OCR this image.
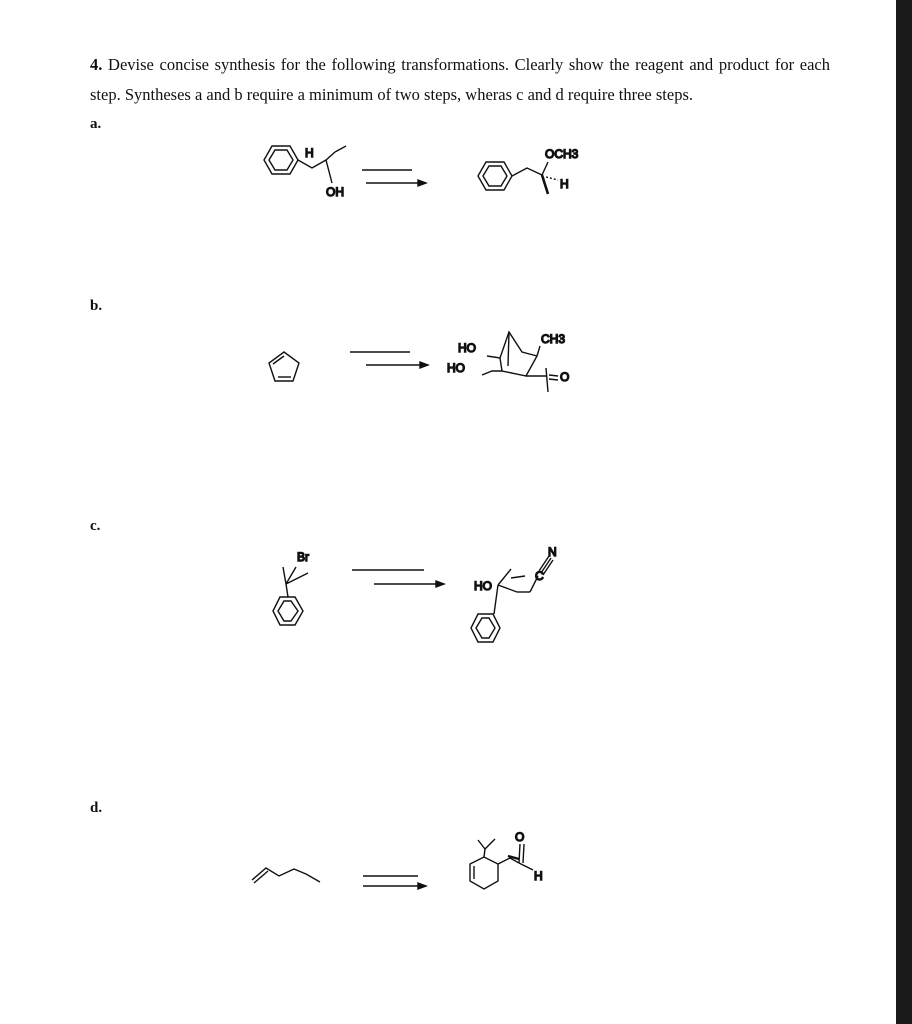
4. Devise concise synthesis for the following transformations. Clearly show the reagent and product for each step. Syntheses a and b require a minimum of two steps, wheras c and d require three steps.
a.
b.
c.
d.
H
OH
OCH3
H
HO
HO
CH3
O
Br
HO
N
C
O
H
